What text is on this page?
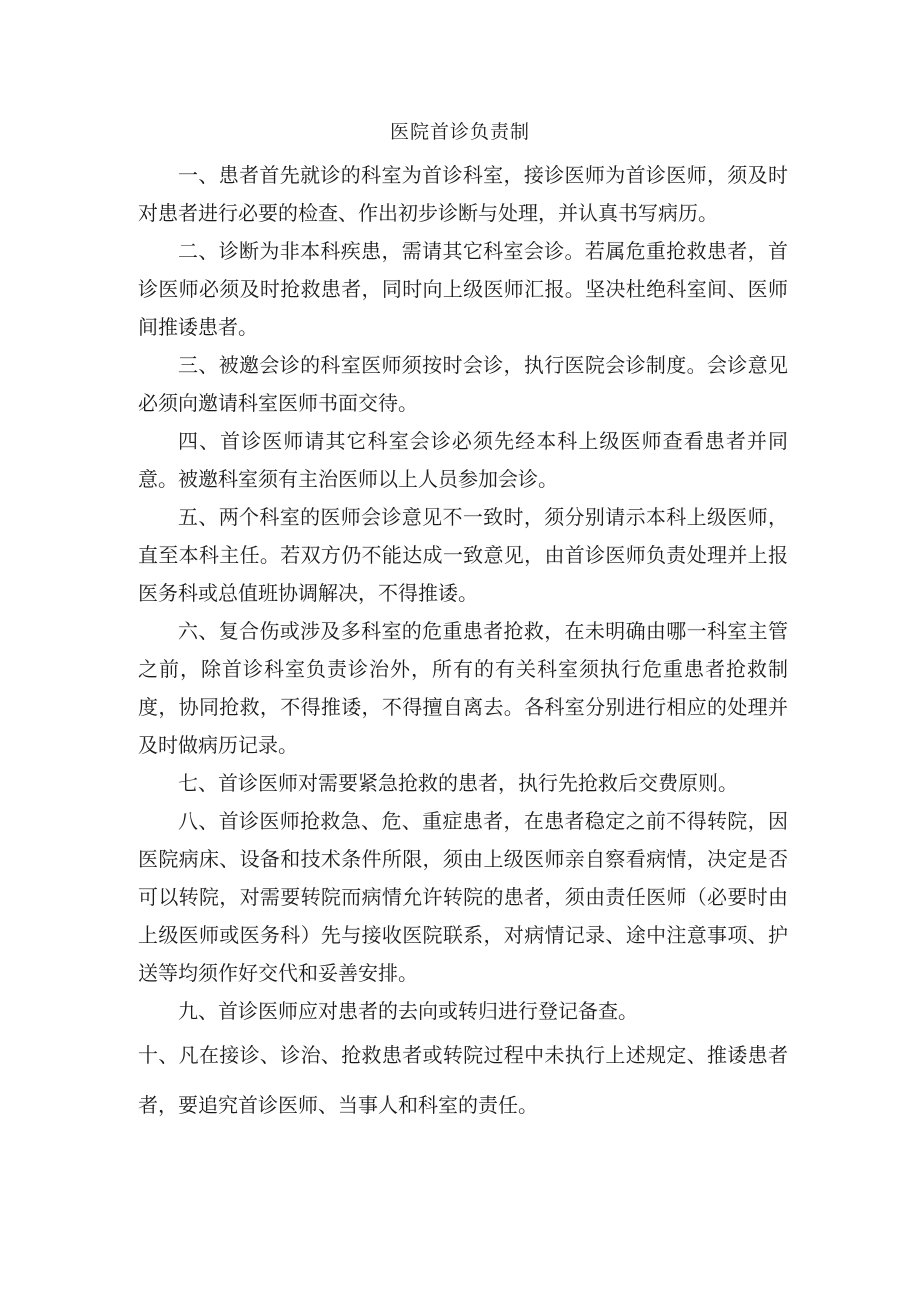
医院首诊负责制

一、患者首先就诊的科室为首诊科室，接诊医师为首诊医师，须及时对患者进行必要的检查、作出初步诊断与处理，并认真书写病历。

二、诊断为非本科疾患，需请其它科室会诊。若属危重抢救患者，首诊医师必须及时抢救患者，同时向上级医师汇报。坚决杜绝科室间、医师间推诿患者。

三、被邀会诊的科室医师须按时会诊，执行医院会诊制度。会诊意见必须向邀请科室医师书面交待。

四、首诊医师请其它科室会诊必须先经本科上级医师查看患者并同意。被邀科室须有主治医师以上人员参加会诊。

五、两个科室的医师会诊意见不一致时，须分别请示本科上级医师，直至本科主任。若双方仍不能达成一致意见，由首诊医师负责处理并上报医务科或总值班协调解决，不得推诿。

六、复合伤或涉及多科室的危重患者抢救，在未明确由哪一科室主管之前，除首诊科室负责诊治外，所有的有关科室须执行危重患者抢救制度，协同抢救，不得推诿，不得擅自离去。各科室分别进行相应的处理并及时做病历记录。

七、首诊医师对需要紧急抢救的患者，执行先抢救后交费原则。

八、首诊医师抢救急、危、重症患者，在患者稳定之前不得转院，因医院病床、设备和技术条件所限，须由上级医师亲自察看病情，决定是否可以转院，对需要转院而病情允许转院的患者，须由责任医师（必要时由上级医师或医务科）先与接收医院联系，对病情记录、途中注意事项、护送等均须作好交代和妥善安排。

九、首诊医师应对患者的去向或转归进行登记备查。

十、凡在接诊、诊治、抢救患者或转院过程中未执行上述规定、推诿患者者，要追究首诊医师、当事人和科室的责任。
